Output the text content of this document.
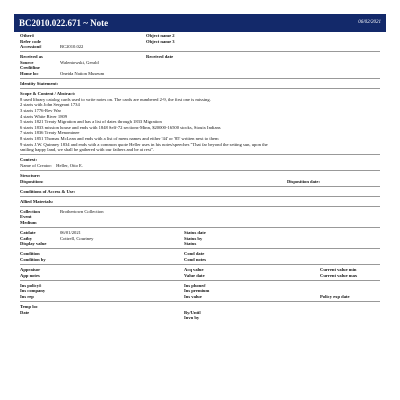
BC2010.022.671 ~ Note	06/02/2021
Other#	Object name 2
Refer code	Object name 3
Accession#	BC2010.022
Received as	Received date
Source	Walentowski, Gerald
Creditline
Home loc	Oneida Nation Museum
Identity Statement:
Scope & Content / Abstract:

8 used library catalog cards used to write notes on. The cards are numbered 2-9, the first one is missing.

2 starts with John Sergeant 1734

3 starts 1776-Rev War

4 starts White River 1809

5 starts 1821 Treaty Migration and has a list of dates through 1833 Migration

6 starts 1833 mission house and ends with 1848 Self-72 sections-Minn, $20000-16500 stocks, Stouix Indians

7 starts 1836 Treaty Menominee

8 starts 1851 Thomas McLean and ends with a list of mens names and either '44' or '85' written next to them

9 starts J.W. Quinney 1834 and ends with a common quote Heller uses in his notes/speeches "That far beyond the setting sun, upon the

smiling happy land, we shall be gathered with our fathers and be at rest".

Context:
Name of Creator: Heller, Otto E.
Structure:
Disposition:	Disposition date:
Conditions of Access & Use:
Allied Materials:
Collection	Brothertown Collection
Event
Medium
Catdate	06/01/2021	Status date
Catby	Cottrell, Courtney	Status by
Display value	Status
Condition	Cond date
Condition by	Cond notes
Appraisor	Acq value	Current value min
App notes	Value date	Current value max
Ins policy#	Ins phone#
Ins company	Ins premium
Ins rep	Ins value	Policy exp date
Temp loc
Date	By/Until
Invn by
